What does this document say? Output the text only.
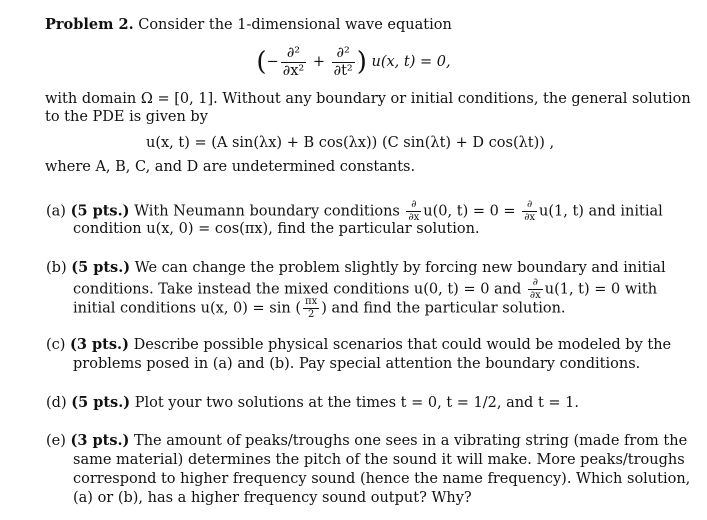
Problem 2. Consider the 1-dimensional wave equation
(− $\frac{\text{∂²}}{\text{∂x²}} + \frac{\text{∂²}}{\text{∂t²}}$ ) u(x, t) = 0,
with domain Ω = [0, 1]. Without any boundary or initial conditions, the general solution
to the PDE is given by
u(x, t) = (A sin(λx) + B cos(λx)) (C sin(λt) + D cos(λt)) ,
where A, B, C, and D are undetermined constants.
(a) (5 pts.) With Neumann boundary conditions $\frac{\partial}{\partial x} u(0$, $t) = 0 = \frac{\partial}{\partial x} u(1$, t) and initial
condition u(x, 0) = cos(πx), find the particular solution.
(b) (5 pts.) We can change the problem slightly by forcing new boundary and initial
conditions. Take instead the mixed conditions u(0, t) = 0 and $\frac{\partial}{\partial x} u(1$, t) = 0 with
initial conditions u(x, 0) = sin ( $\frac{\pi x}{2}$ ) and find the particular solution.
(c) (3 pts.) Describe possible physical scenarios that could would be modeled by the
problems posed in (a) and (b). Pay special attention the boundary conditions.
(d) (5 pts.) Plot your two solutions at the times t = 0, t = 1/2, and t = 1.
(e) (3 pts.) The amount of peaks/troughs one sees in a vibrating string (made from the
same material) determines the pitch of the sound it will make. More peaks/troughs
correspond to higher frequency sound (hence the name frequency). Which solution,
(a) or (b), has a higher frequency sound output? Why?
